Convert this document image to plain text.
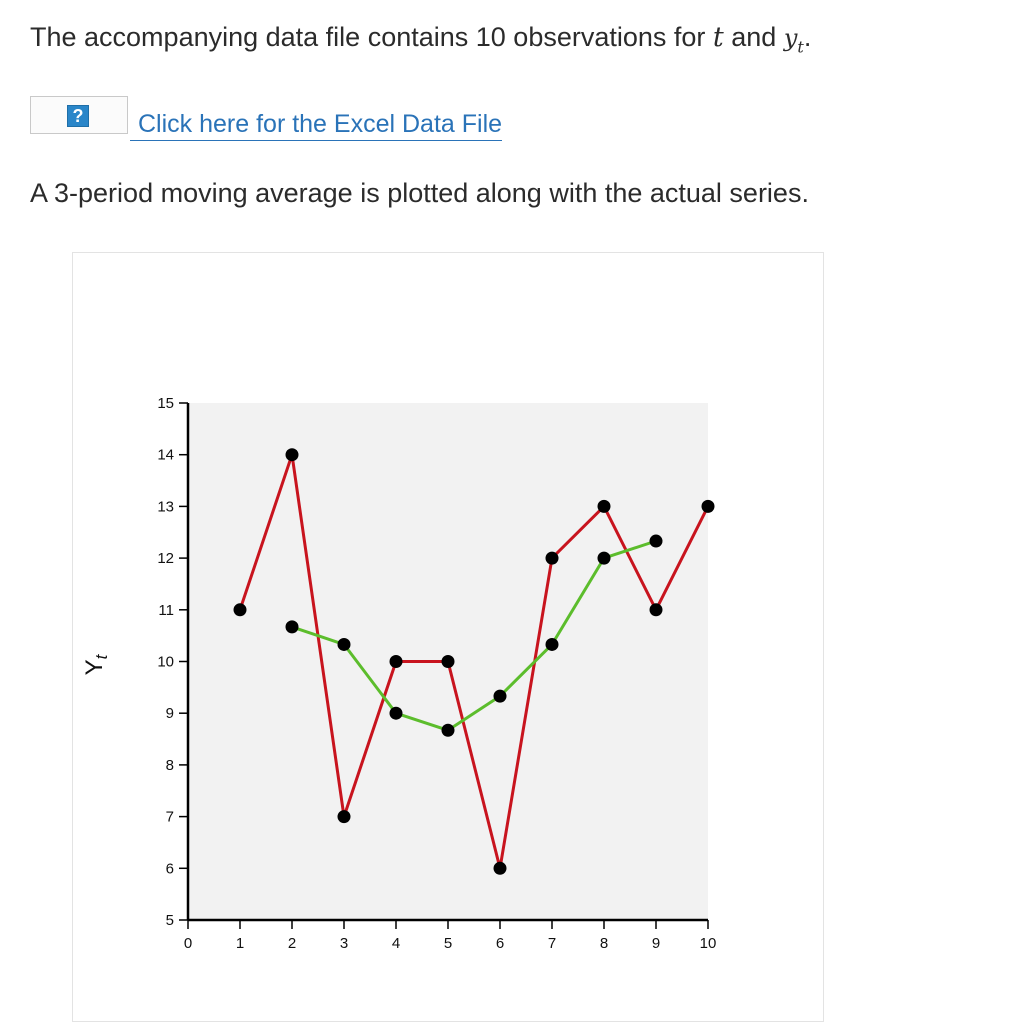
The accompanying data file contains 10 observations for t and $y_t$.
?	Click here for the Excel Data File
A 3-period moving average is plotted along with the actual series.
5
6
7
8
9
10
11
12
13
14
15
0	1	2	3	4	5	6	7	8	9	10
$Y_t$
